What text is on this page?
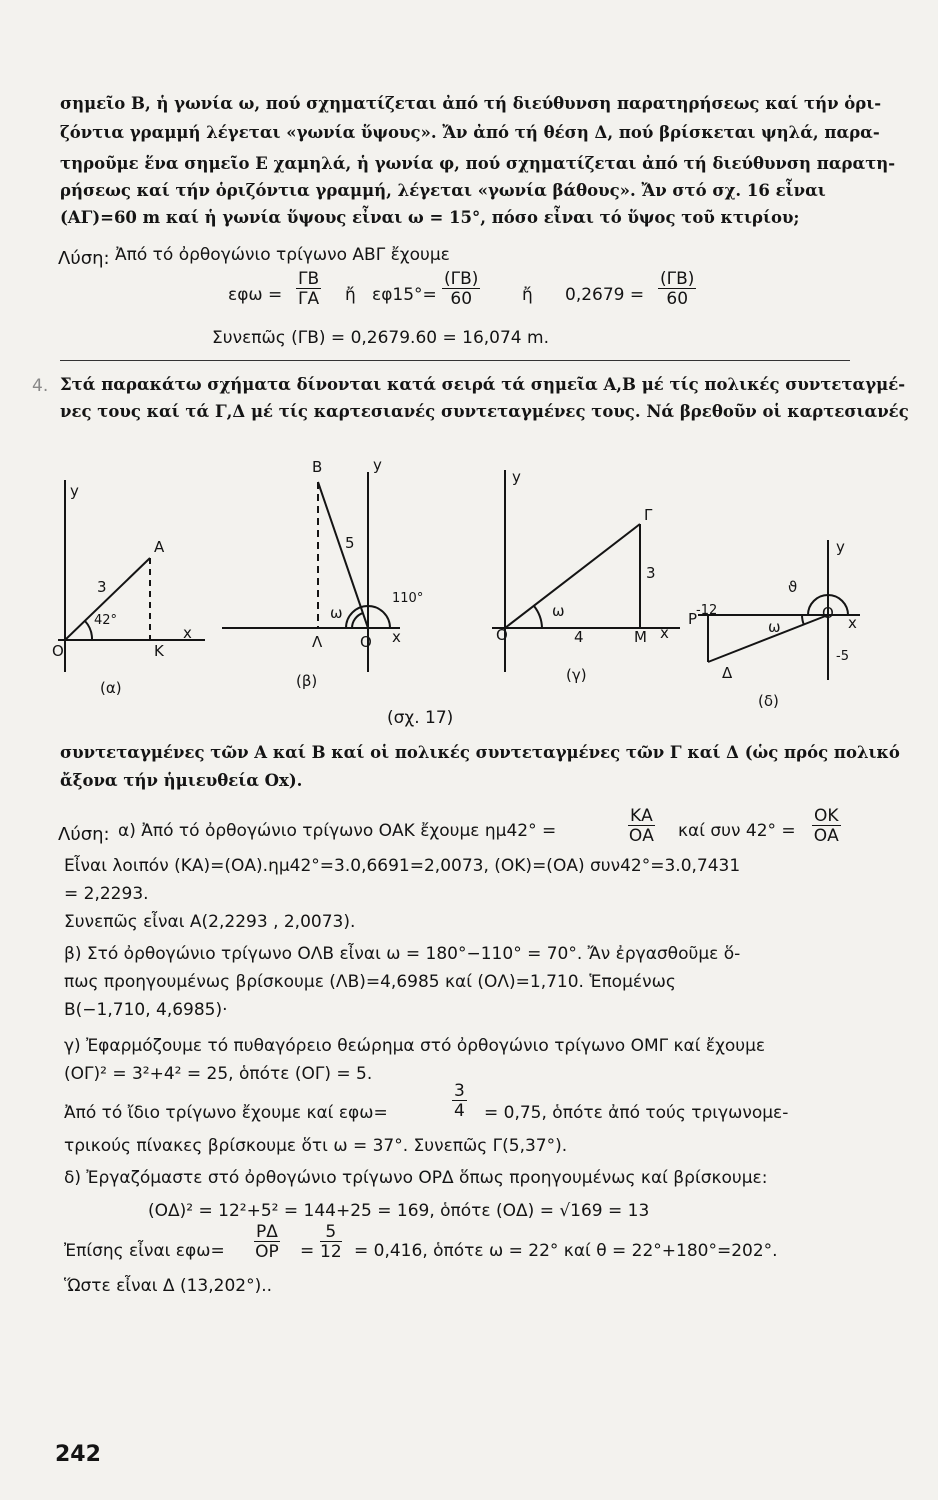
σημεῖο Β, ἡ γωνία ω, πού σχηματίζεται ἀπό τή διεύθυνση παρατηρήσεως καί τήν ὁρι-
ζόντια γραμμή λέγεται «γωνία ὕψους». Ἄν ἀπό τή θέση Δ, πού βρίσκεται ψηλά, παρα-
τηροῦμε ἕνα σημεῖο Ε χαμηλά, ἡ γωνία φ, πού σχηματίζεται ἀπό τή διεύθυνση παρατη-
ρήσεως καί τήν ὁριζόντια γραμμή, λέγεται «γωνία βάθους». Ἄν στό σχ. 16 εἶναι
(ΑΓ)=60 m καί ἡ γωνία ὕψους εἶναι ω = 15°, πόσο εἶναι τό ὕψος τοῦ κτιρίου;
Λύση: Ἀπό τό ὀρθογώνιο τρίγωνο ΑΒΓ ἔχουμε
$\varepsilon\varphi\omega = \frac{\Gamma B}{\Gamma A}$ ἤ $\varepsilon\varphi 15^\circ= \frac{(\Gamma B)}{60}$ ἤ $0,2679 = \frac{(\Gamma B)}{60}$
Συνεπῶς (ΓΒ) = 0,2679.60 = 16,074 m.
4. Στά παρακάτω σχήματα δίνονται κατά σειρά τά σημεῖα Α,Β μέ τίς πολικές συντεταγμέ-
νες τους καί τά Γ,Δ μέ τίς καρτεσιανές συντεταγμένες τους. Νά βρεθοῦν οἱ καρτεσιανές
y
x
O
A
K
3
42°
(α)
B	y
5
110°
ω
Λ	O x
(β)
y
Γ
3
ω
O	4	M x
(γ)
y
ϑ
-12	O
x
P	ω
-5
Δ
(δ)
(σχ. 17)
συντεταγμένες τῶν Α καί Β καί οἱ πολικές συντεταγμένες τῶν Γ καί Δ (ὡς πρός πολικό
ἄξονα τήν ἡμιευθεία Οx).
Λύση: α) Ἀπό τό ὀρθογώνιο τρίγωνο ΟΑΚ ἔχουμε ημ42° =	$\frac{KA}{OA}$ καί συν $42^\circ = \frac{OK}{OA}$
Εἶναι λοιπόν (ΚΑ)=(ΟΑ).ημ42°=3.0,6691=2,0073, (ΟΚ)=(ΟΑ) συν42°=3.0,7431
= 2,2293.
Συνεπῶς εἶναι Α(2,2293 , 2,0073).
β) Στό ὀρθογώνιο τρίγωνο ΟΛΒ εἶναι ω = 180°−110° = 70°. Ἄν ἐργασθοῦμε ὅ-
πως προηγουμένως βρίσκουμε (ΛΒ)=4,6985 καί (ΟΛ)=1,710. Ἑπομένως
Β(−1,710, 4,6985)·
γ) Ἐφαρμόζουμε τό πυθαγόρειο θεώρημα στό ὀρθογώνιο τρίγωνο ΟΜΓ καί ἔχουμε
(ΟΓ)² = 3²+4² = 25, ὁπότε (ΟΓ) = 5.
Ἀπό τό ἴδιο τρίγωνο ἔχουμε καί εφω=	$\frac{3}{4} = 0,75$, ὁπότε ἀπό τούς τριγωνομε-
τρικούς πίνακες βρίσκουμε ὅτι ω = 37°. Συνεπῶς Γ(5,37°).
δ) Ἐργαζόμαστε στό ὀρθογώνιο τρίγωνο ΟΡΔ ὅπως προηγουμένως καί βρίσκουμε:
(ΟΔ)² = 12²+5² = 144+25 = 169, ὁπότε (ΟΔ) = √169 = 13
Ἐπίσης εἶναι $\varepsilon\varphi\omega= \frac{P\Delta}{OP} = \frac{5}{12} = 0,416$, ὁπότε ω = 22° καί θ = 22°+180°=202°.
Ὥστε εἶναι Δ (13,202°)..
242
